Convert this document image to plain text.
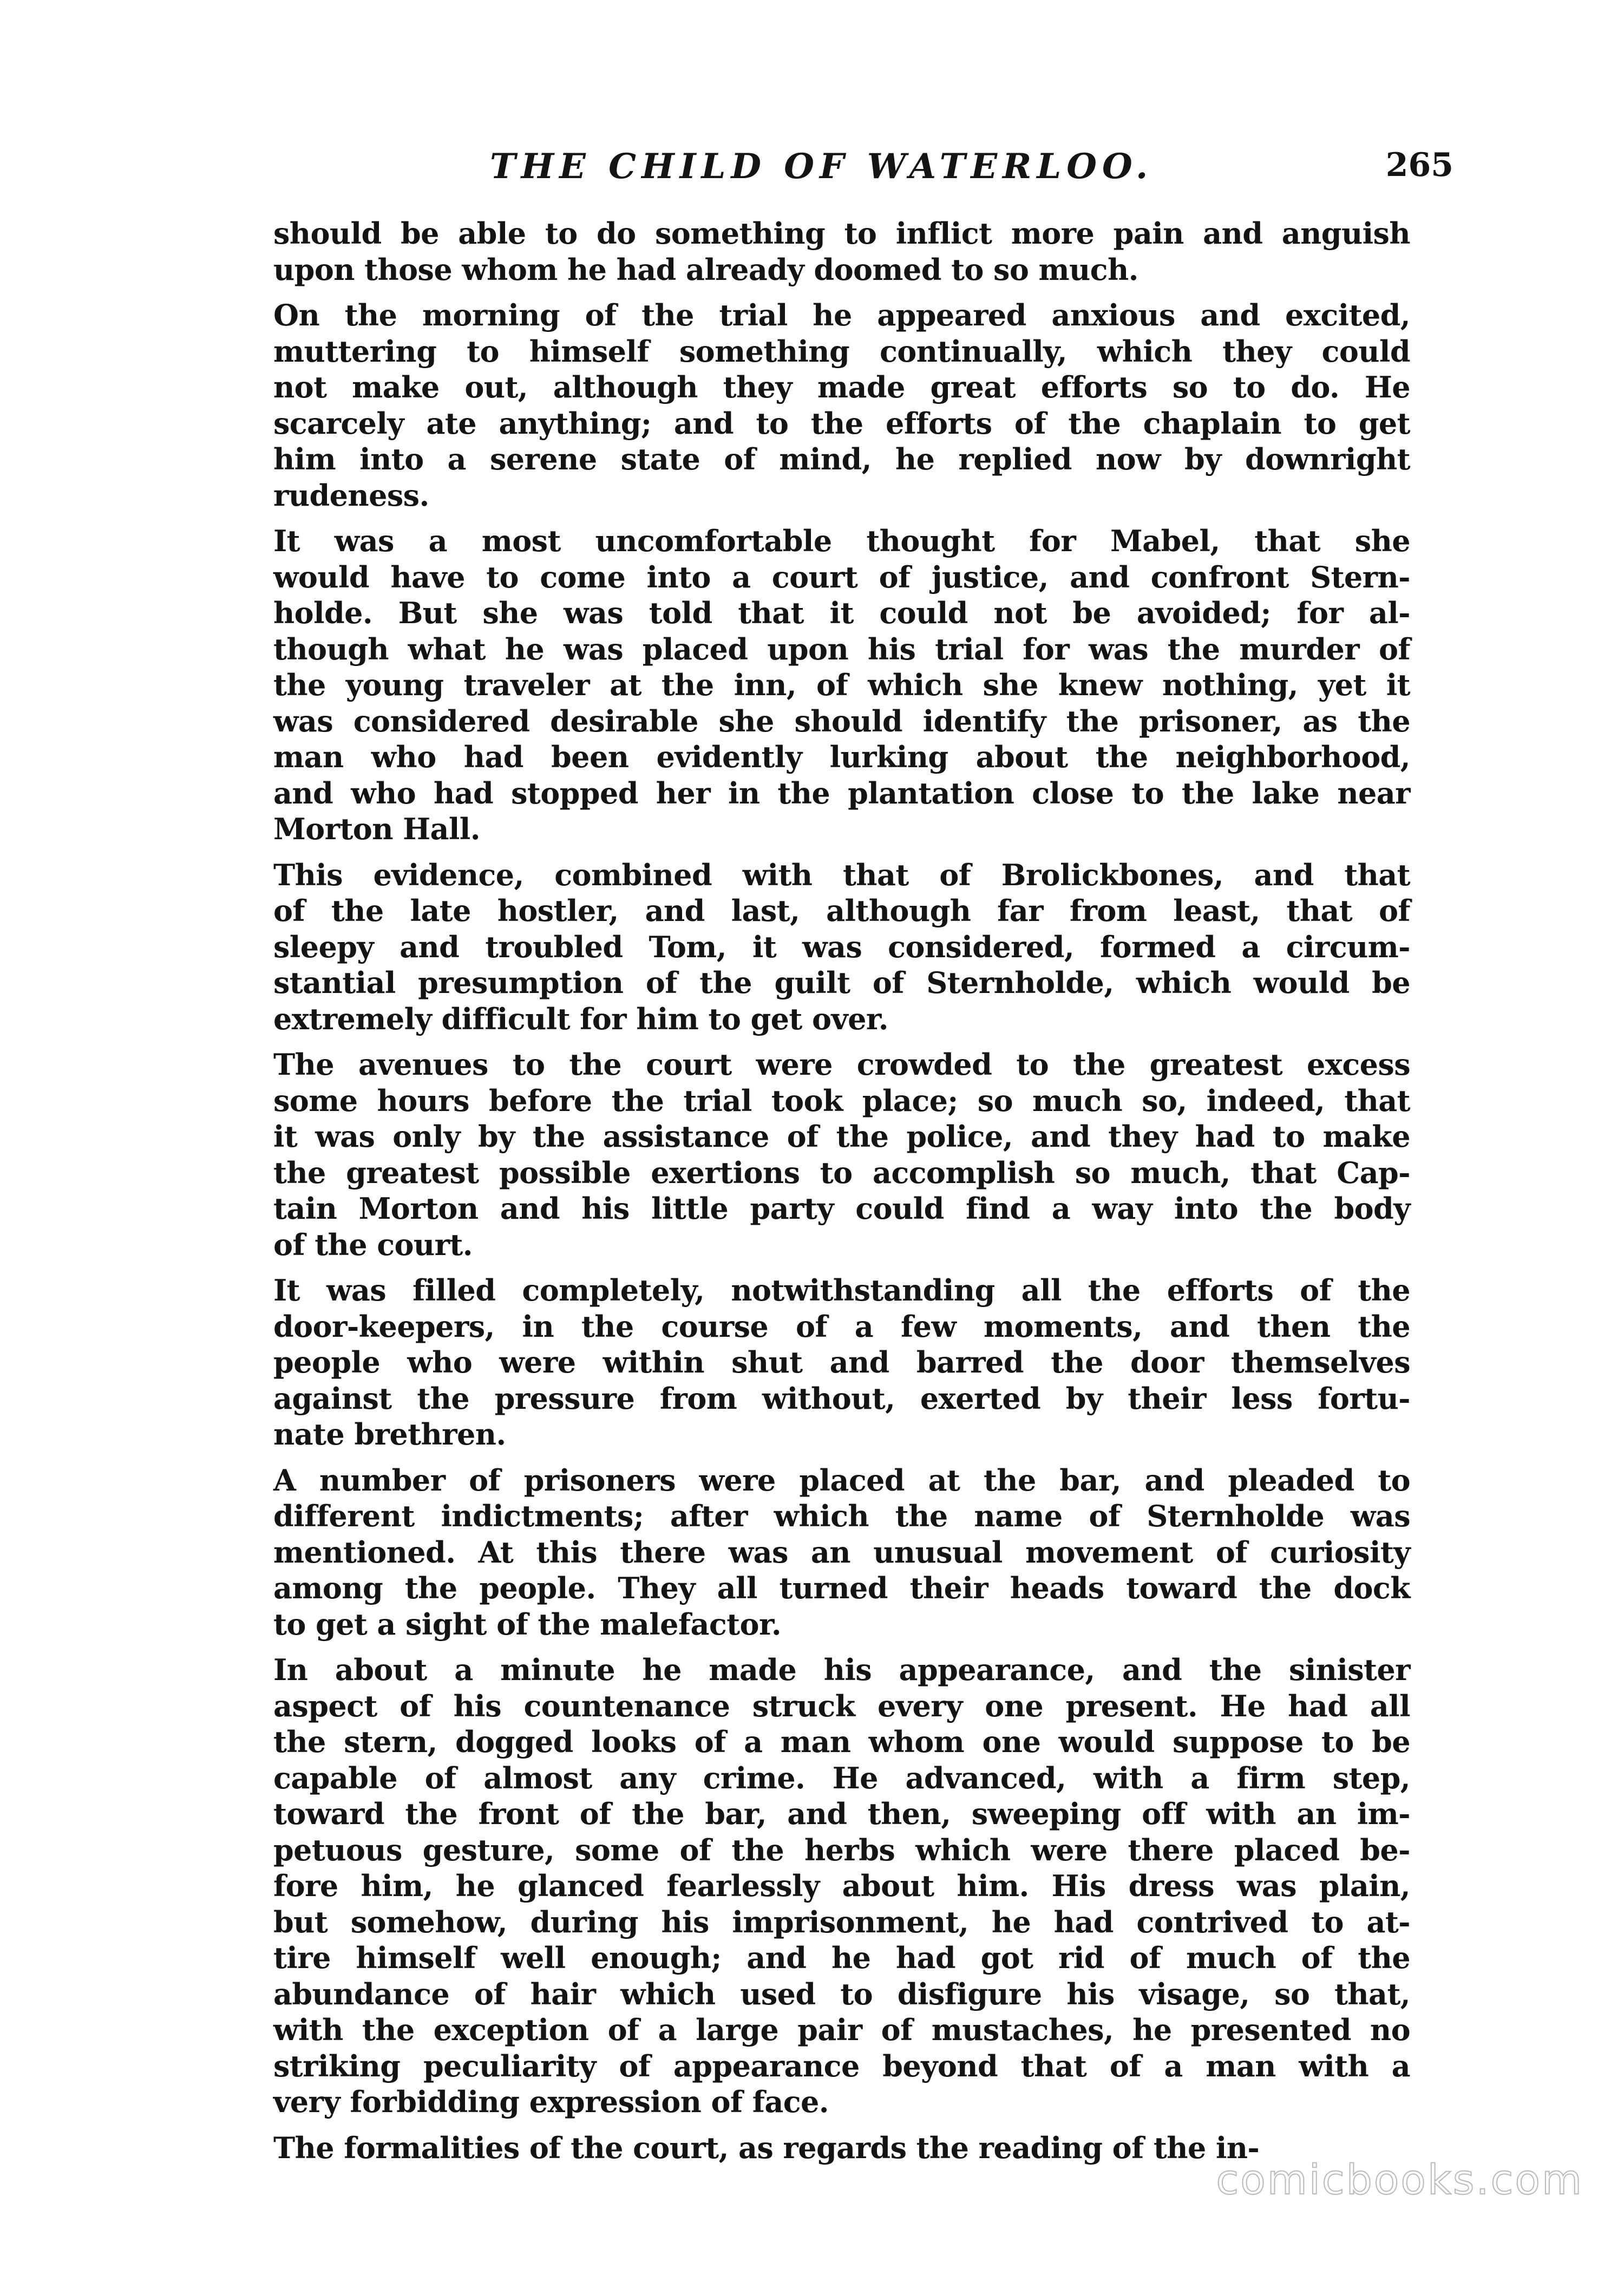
THE CHILD OF WATERLOO.	265
should be able to do something to inflict more pain and anguish
upon those whom he had already doomed to so much.
On the morning of the trial he appeared anxious and excited,
muttering to himself something continually, which they could
not make out, although they made great efforts so to do. He
scarcely ate anything; and to the efforts of the chaplain to get
him into a serene state of mind, he replied now by downright
rudeness.
It was a most uncomfortable thought for Mabel, that she
would have to come into a court of justice, and confront Stern-
holde. But she was told that it could not be avoided; for al-
though what he was placed upon his trial for was the murder of
the young traveler at the inn, of which she knew nothing, yet it
was considered desirable she should identify the prisoner, as the
man who had been evidently lurking about the neighborhood,
and who had stopped her in the plantation close to the lake near
Morton Hall.
This evidence, combined with that of Brolickbones, and that
of the late hostler, and last, although far from least, that of
sleepy and troubled Tom, it was considered, formed a circum-
stantial presumption of the guilt of Sternholde, which would be
extremely difficult for him to get over.
The avenues to the court were crowded to the greatest excess
some hours before the trial took place; so much so, indeed, that
it was only by the assistance of the police, and they had to make
the greatest possible exertions to accomplish so much, that Cap-
tain Morton and his little party could find a way into the body
of the court.
It was filled completely, notwithstanding all the efforts of the
door-keepers, in the course of a few moments, and then the
people who were within shut and barred the door themselves
against the pressure from without, exerted by their less fortu-
nate brethren.
A number of prisoners were placed at the bar, and pleaded to
different indictments; after which the name of Sternholde was
mentioned. At this there was an unusual movement of curiosity
among the people. They all turned their heads toward the dock
to get a sight of the malefactor.
In about a minute he made his appearance, and the sinister
aspect of his countenance struck every one present. He had all
the stern, dogged looks of a man whom one would suppose to be
capable of almost any crime. He advanced, with a firm step,
toward the front of the bar, and then, sweeping off with an im-
petuous gesture, some of the herbs which were there placed be-
fore him, he glanced fearlessly about him. His dress was plain,
but somehow, during his imprisonment, he had contrived to at-
tire himself well enough; and he had got rid of much of the
abundance of hair which used to disfigure his visage, so that,
with the exception of a large pair of mustaches, he presented no
striking peculiarity of appearance beyond that of a man with a
very forbidding expression of face.
The formalities of the court, as regards the reading of the in-
comicbooks.com
